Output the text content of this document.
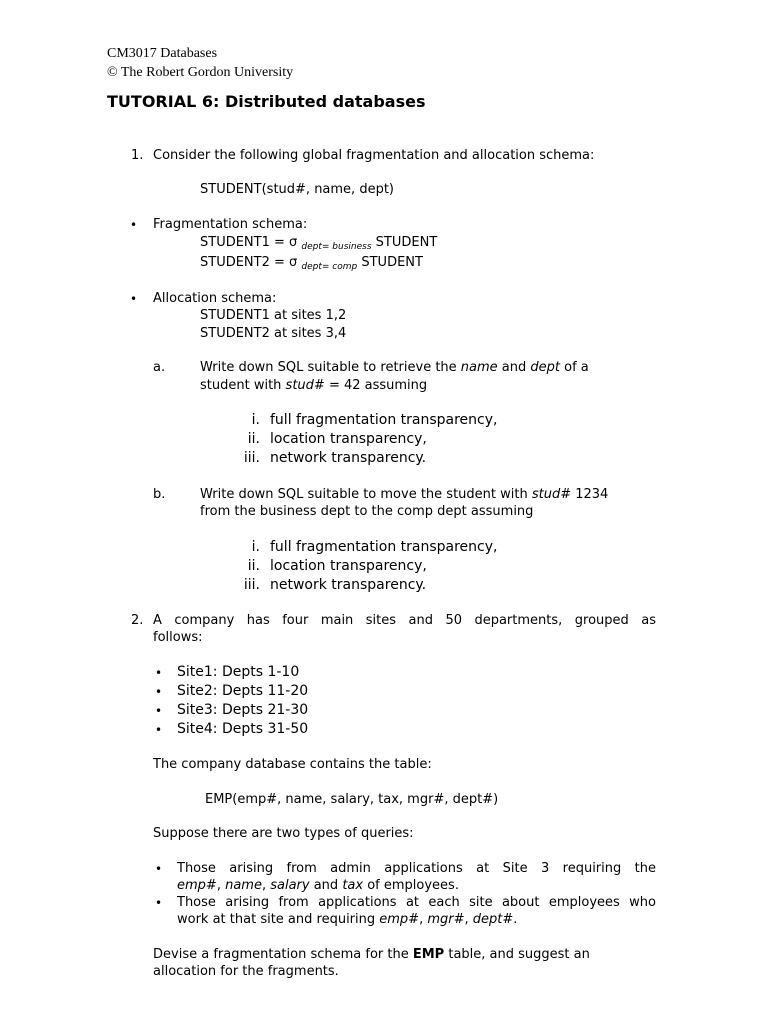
CM3017 Databases
© The Robert Gordon University
TUTORIAL 6: Distributed databases
1. Consider the following global fragmentation and allocation schema:
STUDENT(stud#, name, dept)
• Fragmentation schema:
STUDENT1 = σ $_{dept= business}$ STUDENT
STUDENT2 = σ $_{dept= comp}$ STUDENT
• Allocation schema:
STUDENT1 at sites 1,2
STUDENT2 at sites 3,4
a.	Write down SQL suitable to retrieve the name and dept of a
student with stud# = 42 assuming
i. full fragmentation transparency,
ii. location transparency,
iii. network transparency.
b.	Write down SQL suitable to move the student with stud# 1234
from the business dept to the comp dept assuming
i. full fragmentation transparency,
ii. location transparency,
iii. network transparency.
2. A company has four main sites and 50 departments, grouped as
follows:
• Site1: Depts 1-10
• Site2: Depts 11-20
• Site3: Depts 21-30
• Site4: Depts 31-50
The company database contains the table:
EMP(emp#, name, salary, tax, mgr#, dept#)
Suppose there are two types of queries:
• Those arising from admin applications at Site 3 requiring the
emp#, name, salary and tax of employees.
• Those arising from applications at each site about employees who
work at that site and requiring emp#, mgr#, dept#.
Devise a fragmentation schema for the EMP table, and suggest an
allocation for the fragments.
